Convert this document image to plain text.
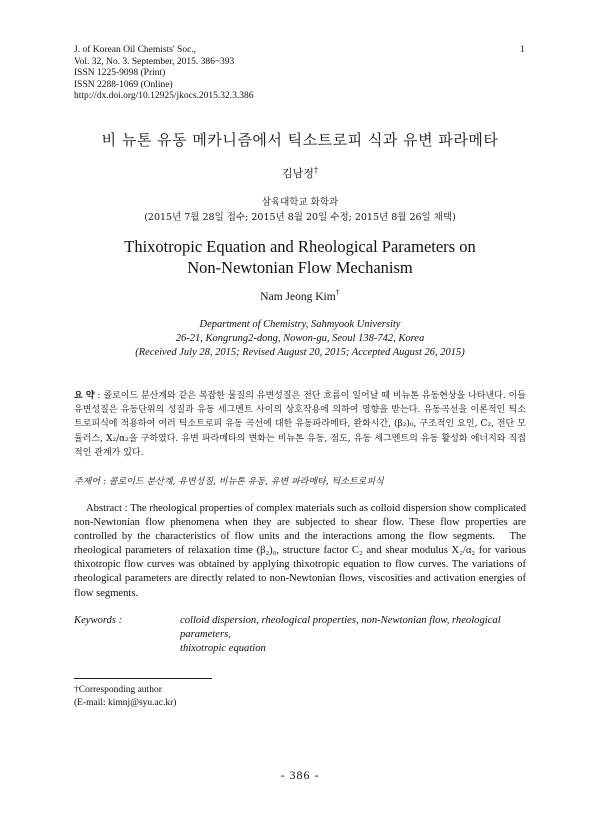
J. of Korean Oil Chemists' Soc.,
Vol. 32, No. 3. September, 2015. 386~393
ISSN 1225-9098 (Print)
ISSN 2288-1069 (Online)
http://dx.doi.org/10.12925/jkocs.2015.32.3.386
1
비 뉴톤 유동 메카니즘에서 틱소트로피 식과 유변 파라메타
김남정†
삼육대학교 화학과
(2015년 7월 28일 접수; 2015년 8월 20일 수정; 2015년 8월 26일 채택)
Thixotropic Equation and Rheological Parameters on
Non-Newtonian Flow Mechanism
Nam Jeong Kim†
Department of Chemistry, Sahmyook University
26-21, Kongrung2-dong, Nowon-gu, Seoul 138-742, Korea
(Received July 28, 2015; Revised August 20, 2015; Accepted August 26, 2015)
요 약 : 콜로이드 분산계와 같은 복잡한 물질의 유변성질은 전단 흐름이 일어날 때 비뉴톤 유동현상을 나타낸다. 이들 유변성질은 유동단위의 성질과 유동 세그멘트 사이의 상호작용에 의하여 영향을 받는다. 유동곡선을 이론적인 틱소트로피식에 적용하여 여러 틱소트로피 유동 곡선에 대한 유동파라메타, 완화시간, (β₂)₀, 구조적인 요인, C₂, 전단 모듈러스, X₂/α₂을 구하였다. 유변 파라메타의 변화는 비뉴톤 유동, 점도, 유동 세그멘트의 유동 활성화 에너지와 직접적인 관계가 있다.
주제어 : 콜로이드 분산계, 유변성질, 비뉴톤 유동, 유변 파라메타, 틱소트로피식
Abstract : The rheological properties of complex materials such as colloid dispersion show complicated non-Newtonian flow phenomena when they are subjected to shear flow. These flow properties are controlled by the characteristics of flow units and the interactions among the flow segments. The rheological parameters of relaxation time (β₂)₀, structure factor C₂ and shear modulus X₂/α₂ for various thixotropic flow curves was obtained by applying thixotropic equation to flow curves. The variations of rheological parameters are directly related to non-Newtonian flows, viscosities and activation energies of flow segments.
Keywords :	colloid dispersion, rheological properties, non-Newtonian flow, rheological parameters,
thixotropic equation
†Corresponding author
(E-mail: kimnj@syu.ac.kr)
- 386 -
